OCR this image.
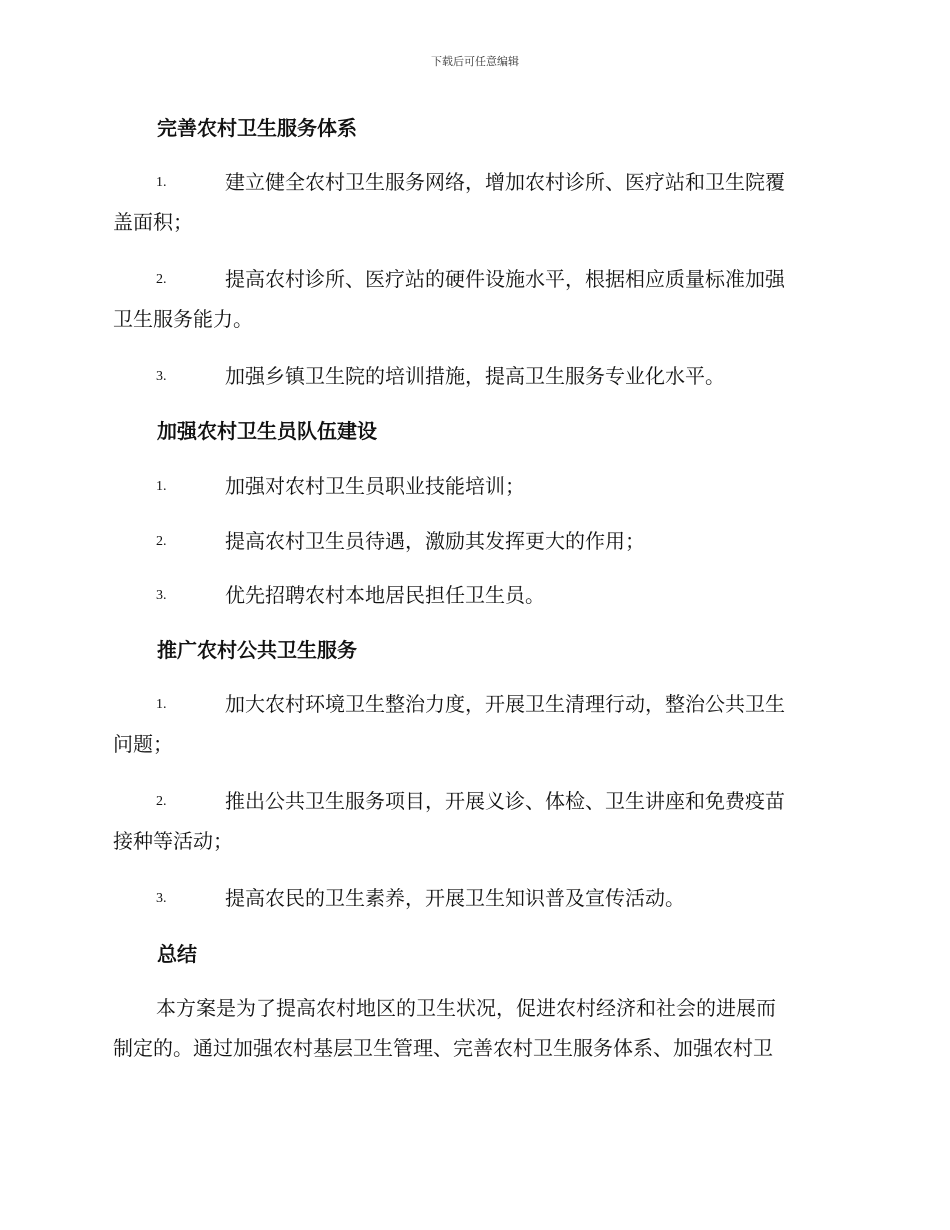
下载后可任意编辑
完善农村卫生服务体系
1.	建立健全农村卫生服务网络，增加农村诊所、医疗站和卫生院覆
盖面积；
2.	提高农村诊所、医疗站的硬件设施水平，根据相应质量标准加强
卫生服务能力。
3.	加强乡镇卫生院的培训措施，提高卫生服务专业化水平。
加强农村卫生员队伍建设
1.	加强对农村卫生员职业技能培训；
2.	提高农村卫生员待遇，激励其发挥更大的作用；
3.	优先招聘农村本地居民担任卫生员。
推广农村公共卫生服务
1.	加大农村环境卫生整治力度，开展卫生清理行动，整治公共卫生
问题；
2.	推出公共卫生服务项目，开展义诊、体检、卫生讲座和免费疫苗
接种等活动；
3.	提高农民的卫生素养，开展卫生知识普及宣传活动。
总结
本方案是为了提高农村地区的卫生状况，促进农村经济和社会的进展而
制定的。通过加强农村基层卫生管理、完善农村卫生服务体系、加强农村卫
